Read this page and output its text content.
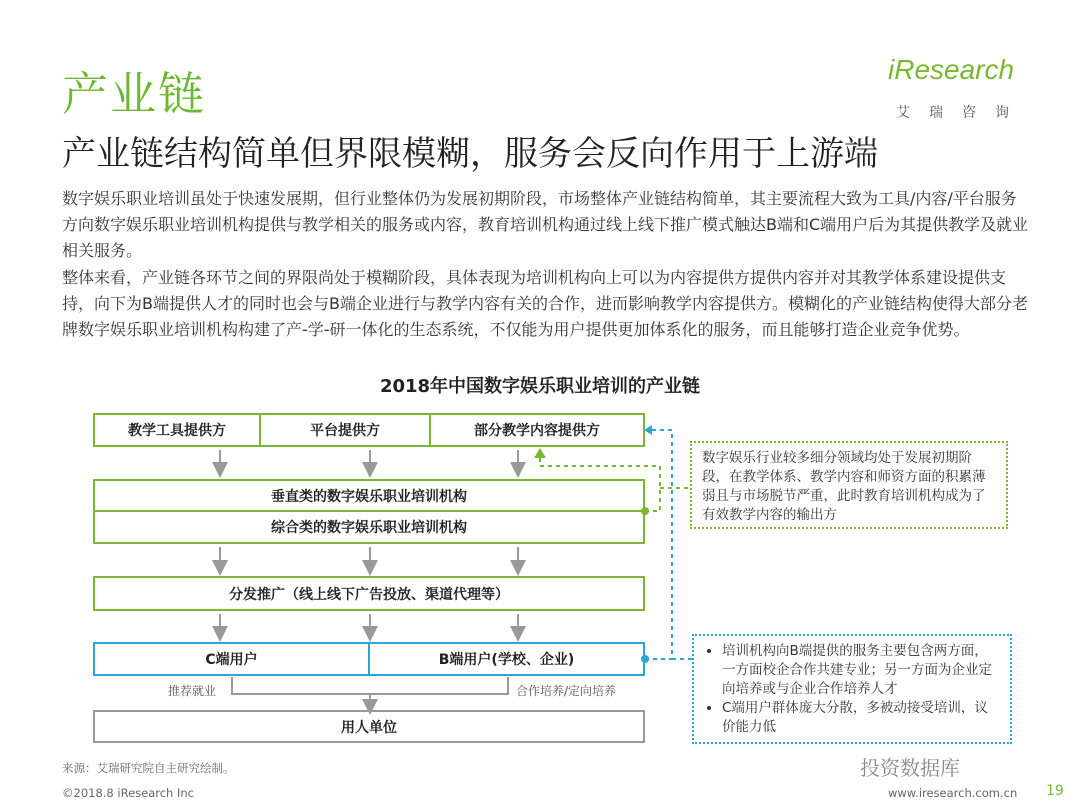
产业链
产业链结构简单但界限模糊，服务会反向作用于上游端
iResearch
艾瑞咨询
数字娱乐职业培训虽处于快速发展期，但行业整体仍为发展初期阶段，市场整体产业链结构简单，其主要流程大致为工具/内容/平台服务方向数字娱乐职业培训机构提供与教学相关的服务或内容，教育培训机构通过线上线下推广模式触达B端和C端用户后为其提供教学及就业相关服务。
整体来看，产业链各环节之间的界限尚处于模糊阶段，具体表现为培训机构向上可以为内容提供方提供内容并对其教学体系建设提供支持，向下为B端提供人才的同时也会与B端企业进行与教学内容有关的合作，进而影响教学内容提供方。模糊化的产业链结构使得大部分老牌数字娱乐职业培训机构构建了产-学-研一体化的生态系统，不仅能为用户提供更加体系化的服务，而且能够打造企业竞争优势。
2018年中国数字娱乐职业培训的产业链
教学工具提供方	平台提供方	部分教学内容提供方
垂直类的数字娱乐职业培训机构
综合类的数字娱乐职业培训机构
分发推广（线上线下广告投放、渠道代理等）
C端用户	B端用户(学校、企业)
推荐就业	合作培养/定向培养
用人单位
数字娱乐行业较多细分领域均处于发展初期阶段，在教学体系、教学内容和师资方面的积累薄弱且与市场脱节严重，此时教育培训机构成为了有效教学内容的输出方
• 培训机构向B端提供的服务主要包含两方面，一方面校企合作共建专业；另一方面为企业定向培养或与企业合作培养人才
• C端用户群体庞大分散，多被动接受培训，议价能力低
来源：艾瑞研究院自主研究绘制。
©2018.8 iResearch Inc
投资数据库
www.iresearch.com.cn 19
